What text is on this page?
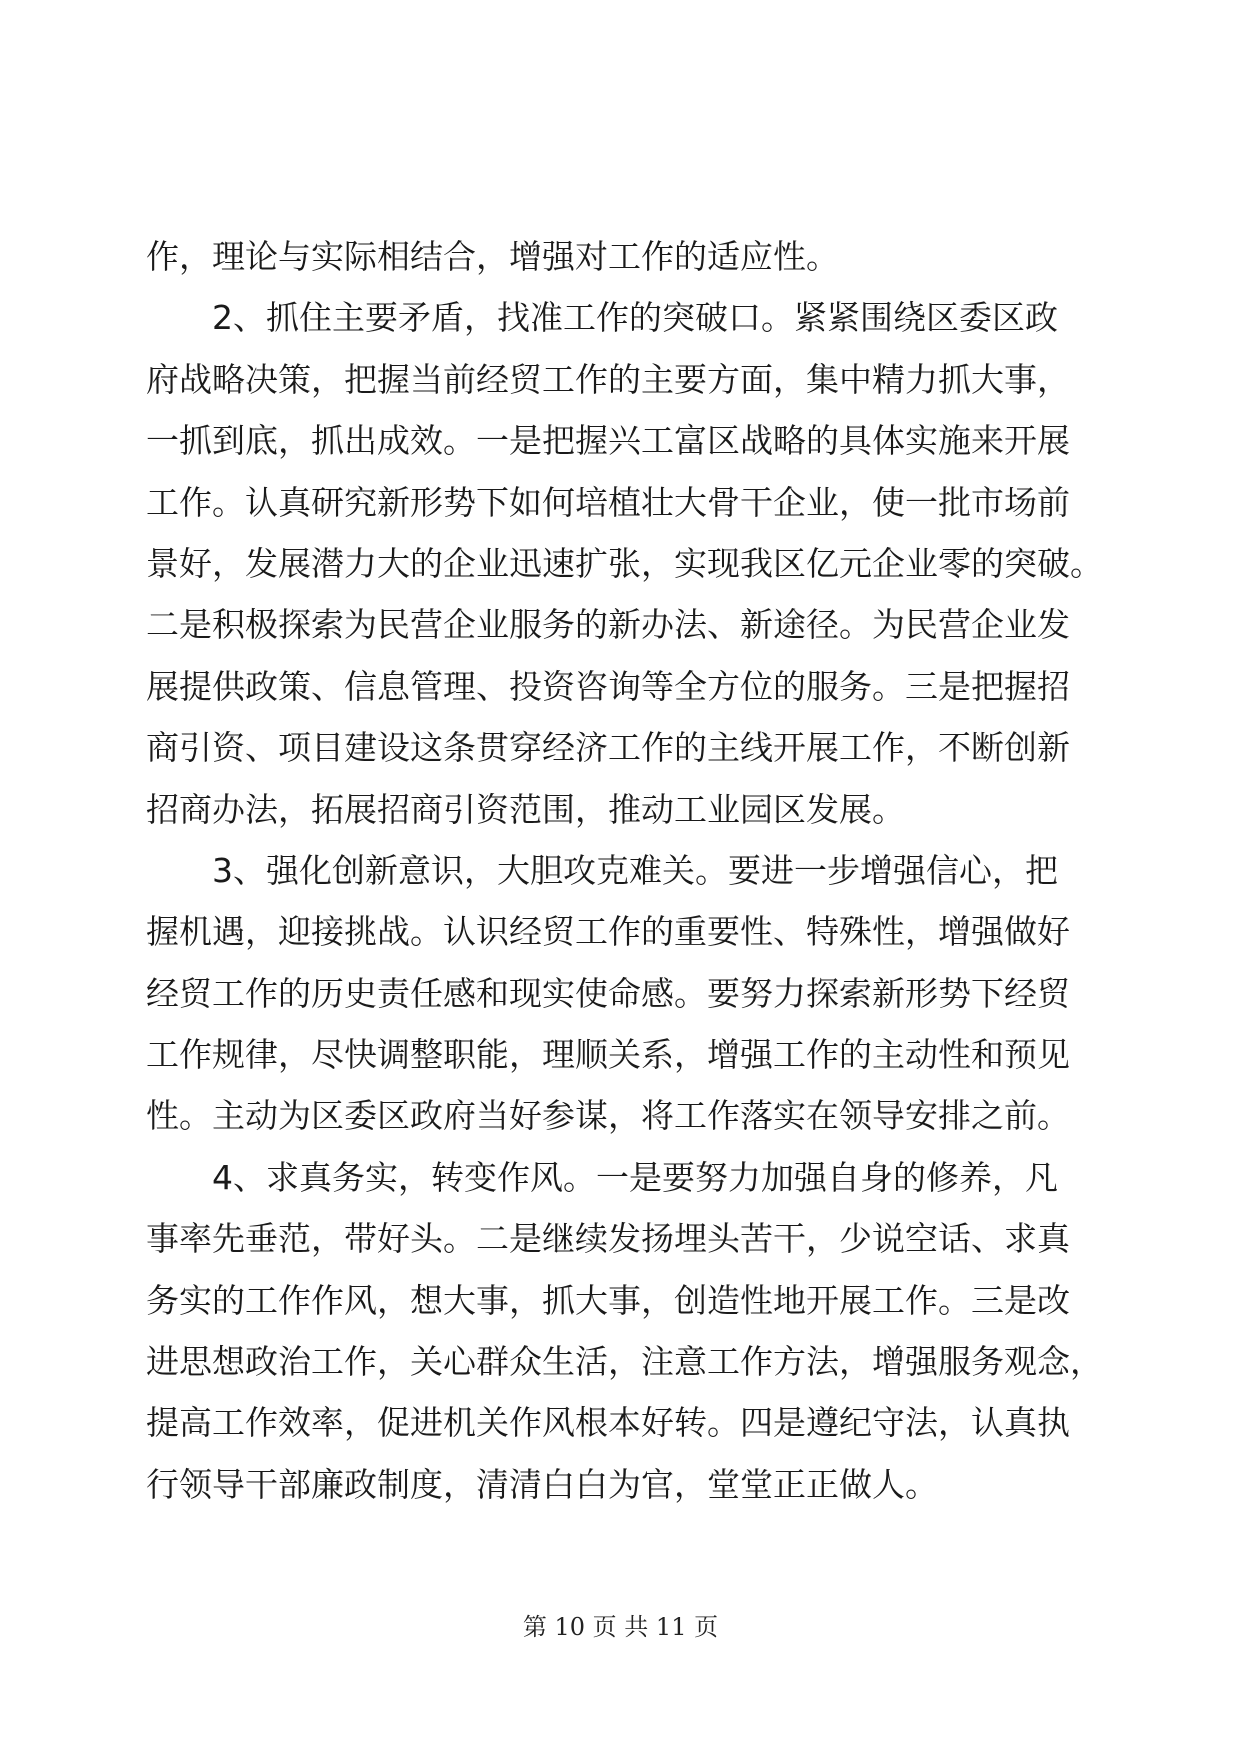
作，理论与实际相结合，增强对工作的适应性。
　　2、抓住主要矛盾，找准工作的突破口。紧紧围绕区委区政
府战略决策，把握当前经贸工作的主要方面，集中精力抓大事，
一抓到底，抓出成效。一是把握兴工富区战略的具体实施来开展
工作。认真研究新形势下如何培植壮大骨干企业，使一批市场前
景好，发展潜力大的企业迅速扩张，实现我区亿元企业零的突破。
二是积极探索为民营企业服务的新办法、新途径。为民营企业发
展提供政策、信息管理、投资咨询等全方位的服务。三是把握招
商引资、项目建设这条贯穿经济工作的主线开展工作，不断创新
招商办法，拓展招商引资范围，推动工业园区发展。
　　3、强化创新意识，大胆攻克难关。要进一步增强信心，把
握机遇，迎接挑战。认识经贸工作的重要性、特殊性，增强做好
经贸工作的历史责任感和现实使命感。要努力探索新形势下经贸
工作规律，尽快调整职能，理顺关系，增强工作的主动性和预见
性。主动为区委区政府当好参谋，将工作落实在领导安排之前。
　　4、求真务实，转变作风。一是要努力加强自身的修养，凡
事率先垂范，带好头。二是继续发扬埋头苦干，少说空话、求真
务实的工作作风，想大事，抓大事，创造性地开展工作。三是改
进思想政治工作，关心群众生活，注意工作方法，增强服务观念，
提高工作效率，促进机关作风根本好转。四是遵纪守法，认真执
行领导干部廉政制度，清清白白为官，堂堂正正做人。
第 10 页 共 11 页
